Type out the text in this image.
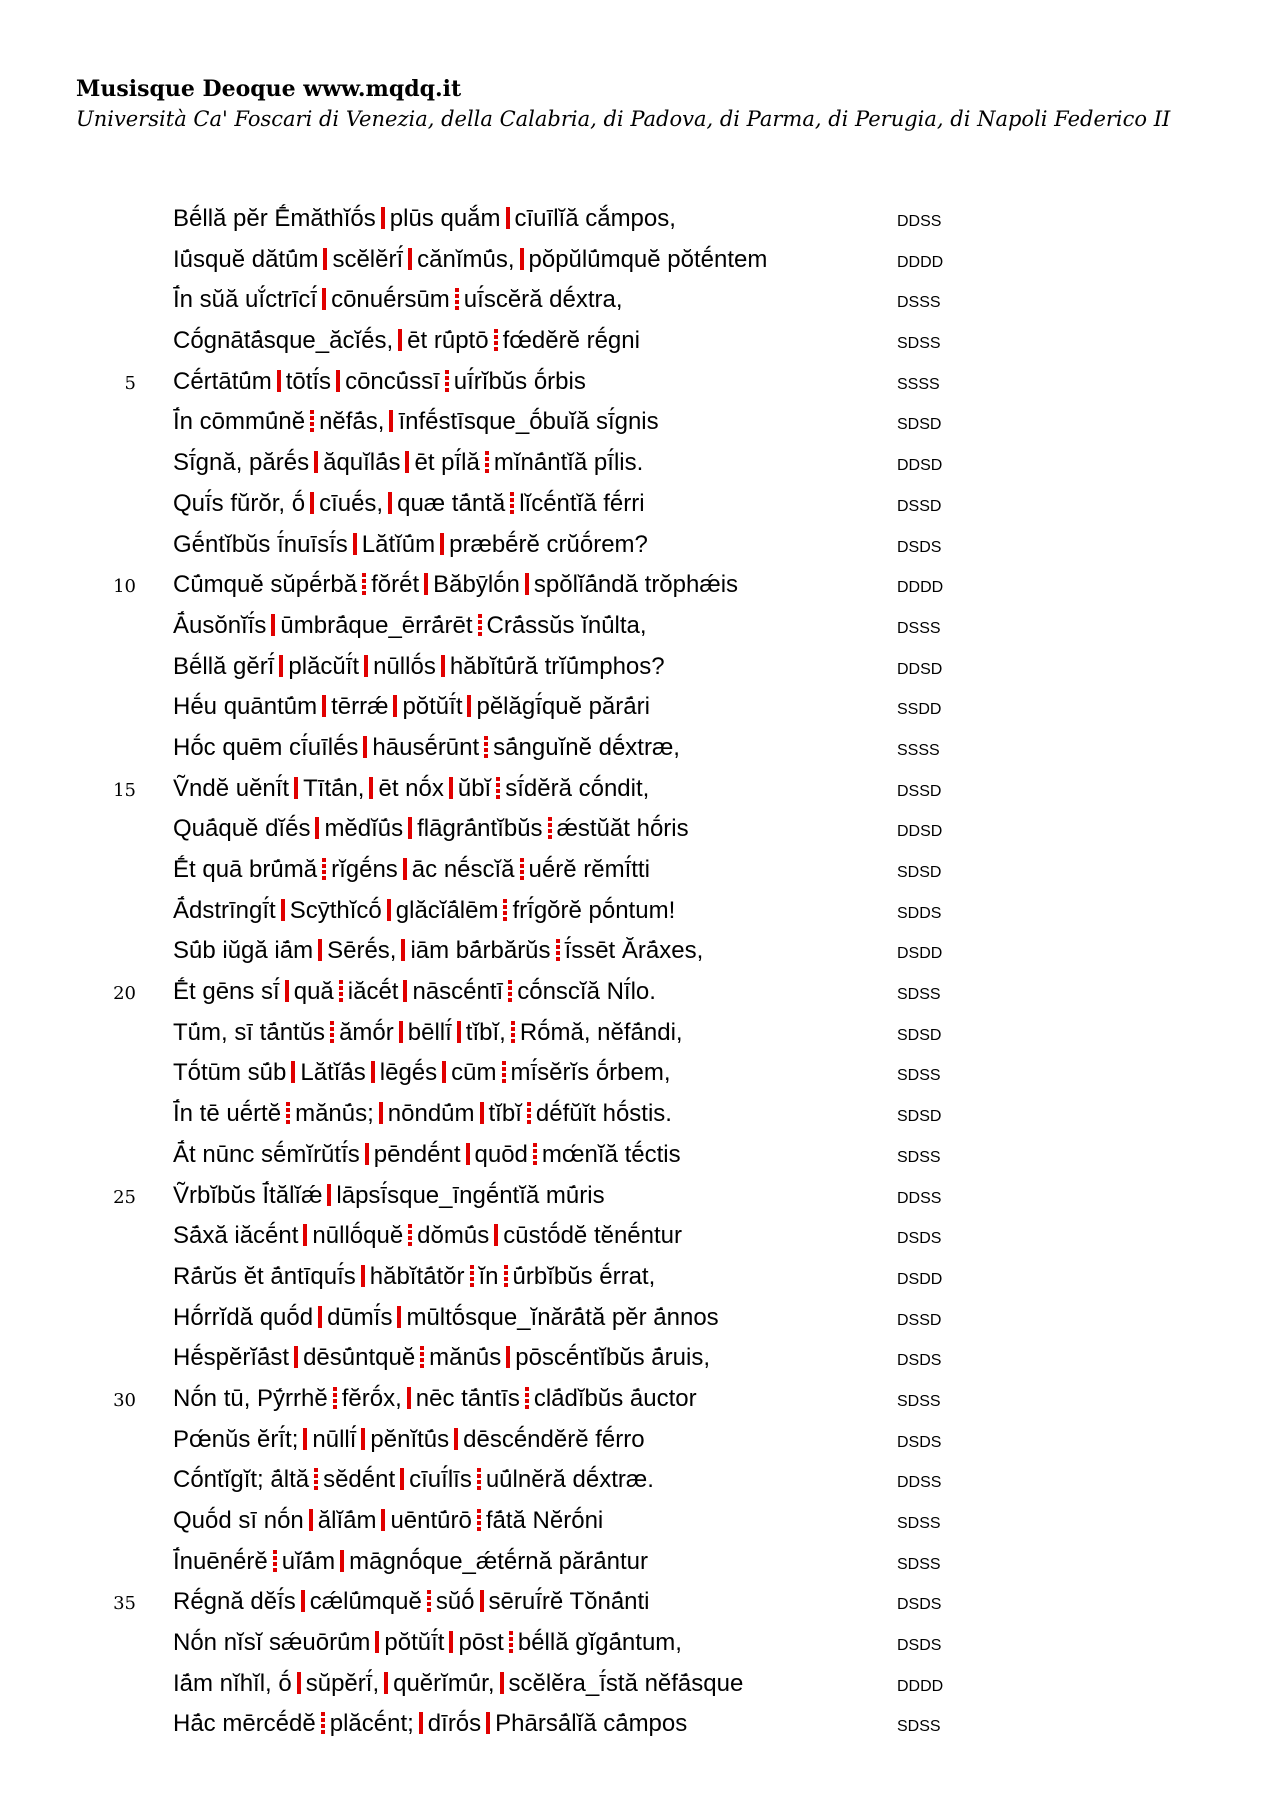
Musisque Deoque www.mqdq.it
Università Ca' Foscari di Venezia, della Calabria, di Padova, di Parma, di Perugia, di Napoli Federico II
Bḗllă pĕr Ḗmăthĭṓs plūs quắm cīuīlĭă cắmpos,	DDSS
Iū́squĕ dătū́m scĕlĕrī́ cănĭmū́s, pŏpŭlū́mquĕ pŏtḗntem	DDDD
Ī́n sŭă uĭ́ctrīcī́ cōnuḗrsūm uī́scĕră dḗxtra,	DSSS
Cṓgnātā́sque_ăcĭḗs, ēt rū́ptō fœ́dĕrĕ rḗgni	SDSS
5 Cḗrtātū́m tōtī́s cōncū́ssī uī́rĭbŭs ṓrbis	SSSS
Ī́n cōmmū́nĕ nĕfā́s, īnfḗstīsque_ṓbuĭă sī́gnis	SDSD
Sī́gnă, părḗs ăquĭlā́s ēt pī́lă mĭnā́ntĭă pī́lis.	DDSD
Quī́s fŭrŏr, ṓ cīuḗs, quæ tā́ntă lĭcḗntĭă fḗrri	DSSD
Gḗntĭbŭs ī́nuīsī́s Lătĭū́m præbḗrĕ crŭṓrem?	DSDS
10 Cū́mquĕ sŭpḗrbă fŏrḗt Băbȳlṓn spŏlĭā́ndă trŏphǽis	DDDD
Ā́usŏnĭī́s ūmbrā́que_ērrā́rēt Crā́ssŭs ĭnū́lta,	DSSS
Bḗllă gĕrī́ plăcŭī́t nūllṓs hăbĭtū́ră trĭū́mphos?	DDSD
Hḗu quāntū́m tērrǽ pŏtŭī́t pĕlăgī́quĕ părā́ri	SSDD
Hṓc quēm cī́uīlḗs hāusḗrūnt sā́nguĭnĕ dḗxtræ,	SSSS
15 Ṽndĕ uĕnī́t Tītā́n, ēt nṓx ŭbĭ sī́dĕră cṓndit,	DSSD
Quā́quĕ dĭḗs mĕdĭū́s flāgrā́ntĭbŭs ǽstŭăt hṓris	DDSD
Ḗt quā brū́mă rĭgḗns āc nḗscĭă uḗrĕ rĕmī́tti	SDSD
Ā́dstrīngī́t Scȳthĭcṓ glăcĭā́lēm frī́gŏrĕ pṓntum!	SDDS
Sū́b iŭgă iā́m Sērḗs, iām bā́rbărŭs ī́ssēt Ărā́xes,	DSDD
20 Ḗt gēns sī́ quă iăcḗt nāscḗntī cṓnscĭă Nī́lo.	SDSS
Tū́m, sī tā́ntŭs ămṓr bēllī́ tĭbĭ, Rṓmă, nĕfā́ndi,	SDSD
Tṓtūm sū́b Lătĭā́s lēgḗs cūm mī́sĕrĭs ṓrbem,	SDSS
Ī́n tē uḗrtĕ mănū́s; nōndū́m tĭbĭ dḗfŭĭt hṓstis.	SDSD
Ā́t nūnc sḗmĭrŭtī́s pēndḗnt quōd mœ́nĭă tḗctis	SDSS
25 Ṽrbĭbŭs Ī́tălĭǽ lāpsī́sque_īngḗntĭă mū́ris	DDSS
Sā́xă iăcḗnt nūllṓquĕ dŏmū́s cūstṓdĕ tĕnḗntur	DSDS
Rā́rŭs ĕt ā́ntīquī́s hăbĭtā́tŏr ĭn ū́rbĭbŭs ḗrrat,	DSDD
Hṓrrĭdă quṓd dūmī́s mūltṓsque_ĭnărā́tă pĕr ā́nnos	DSSD
Hḗspĕrĭā́st dēsū́ntquĕ mănū́s pōscḗntĭbŭs ā́ruis,	DSDS
30 Nṓn tū, Pȳ́rrhĕ fĕrṓx, nēc tā́ntīs clā́dĭbŭs ā́uctor	SDSS
Pœ́nŭs ĕrī́t; nūllī́ pĕnĭtū́s dēscḗndĕrĕ fḗrro	DSDS
Cṓntĭgĭt; ā́ltă sĕdḗnt cīuī́līs uū́lnĕră dḗxtræ.	DDSS
Quṓd sī nṓn ălĭā́m uēntū́rō fā́tă Nĕrṓni	SDSS
Ī́nuēnḗrĕ uĭā́m māgnṓque_ǽtḗrnă părā́ntur	SDSS
35 Rḗgnă dĕī́s cǽlū́mquĕ sŭṓ sēruī́rĕ Tŏnā́nti	DSDS
Nṓn nĭsĭ sǽuōrū́m pŏtŭī́t pōst bḗllă gĭgā́ntum,	DSDS
Iā́m nĭhĭl, ṓ sŭpĕrī́, quĕrĭmū́r, scĕlĕra_ī́stă nĕfā́sque	DDDD
Hā́c mērcḗdĕ plăcḗnt; dīrṓs Phārsā́lĭă cā́mpos	SDSS
